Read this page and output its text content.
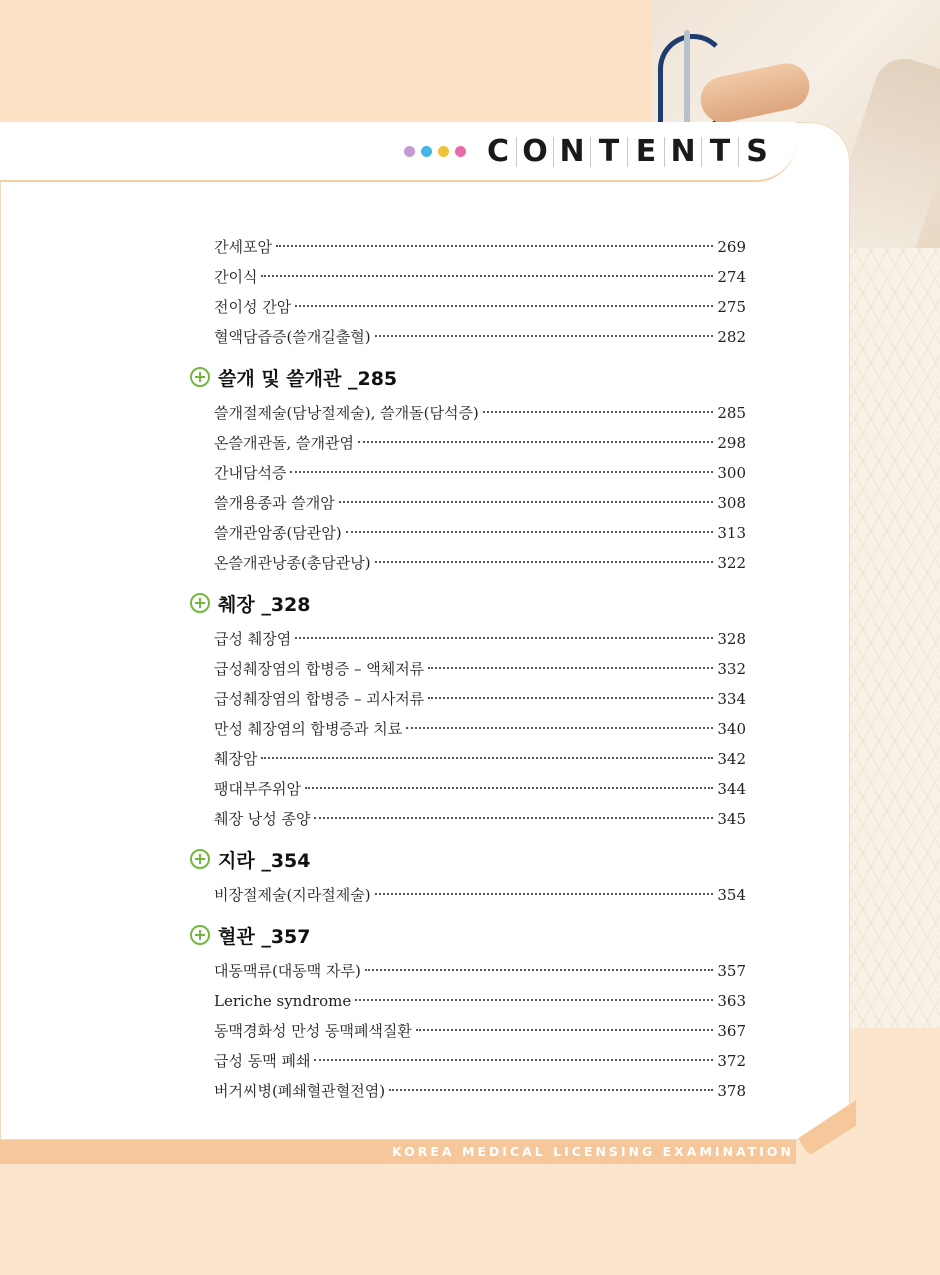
C O N T E N T S
간세포암	269
간이식	274
전이성 간암	275
혈액담즙증(쓸개길출혈)	282
쓸개 및 쓸개관 _285
쓸개절제술(담낭절제술), 쓸개돌(담석증)	285
온쓸개관돌, 쓸개관염	298
간내담석증	300
쓸개용종과 쓸개암	308
쓸개관암종(담관암)	313
온쓸개관낭종(총담관낭)	322
췌장 _328
급성 췌장염	328
급성췌장염의 합병증 – 액체저류	332
급성췌장염의 합병증 – 괴사저류	334
만성 췌장염의 합병증과 치료	340
췌장암	342
팽대부주위암	344
췌장 낭성 종양	345
지라 _354
비장절제술(지라절제술)	354
혈관 _357
대동맥류(대동맥 자루)	357
Leriche syndrome	363
동맥경화성 만성 동맥폐색질환	367
급성 동맥 폐쇄	372
버거씨병(폐쇄혈관혈전염)	378
KOREA MEDICAL LICENSING EXAMINATION
